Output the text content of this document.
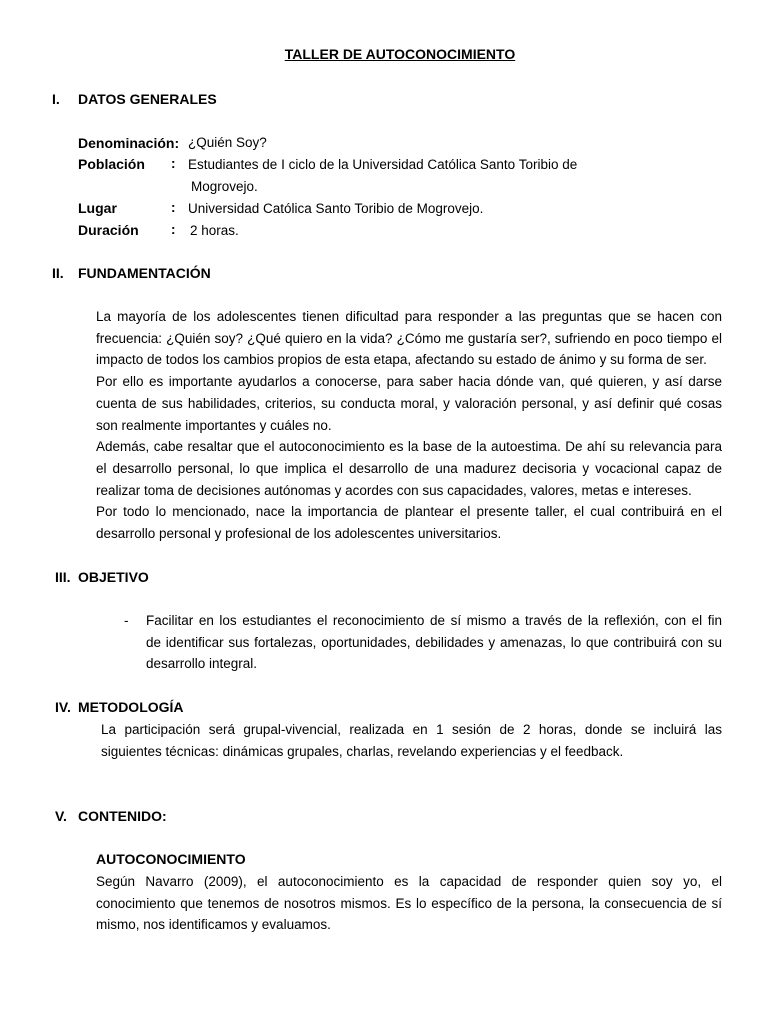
TALLER DE AUTOCONOCIMIENTO
I. DATOS GENERALES
Denominación: ¿Quién Soy?
Población : Estudiantes de I ciclo de la Universidad Católica Santo Toribio de
Mogrovejo.
Lugar	: Universidad Católica Santo Toribio de Mogrovejo.
Duración : 2 horas.
II. FUNDAMENTACIÓN
La mayoría de los adolescentes tienen dificultad para responder a las preguntas que se hacen con
frecuencia: ¿Quién soy? ¿Qué quiero en la vida? ¿Cómo me gustaría ser?, sufriendo en poco tiempo el
impacto de todos los cambios propios de esta etapa, afectando su estado de ánimo y su forma de ser.
Por ello es importante ayudarlos a conocerse, para saber hacia dónde van, qué quieren, y así darse
cuenta de sus habilidades, criterios, su conducta moral, y valoración personal, y así definir qué cosas
son realmente importantes y cuáles no.
Además, cabe resaltar que el autoconocimiento es la base de la autoestima. De ahí su relevancia para
el desarrollo personal, lo que implica el desarrollo de una madurez decisoria y vocacional capaz de
realizar toma de decisiones autónomas y acordes con sus capacidades, valores, metas e intereses.
Por todo lo mencionado, nace la importancia de plantear el presente taller, el cual contribuirá en el
desarrollo personal y profesional de los adolescentes universitarios.
III. OBJETIVO
- Facilitar en los estudiantes el reconocimiento de sí mismo a través de la reflexión, con el fin
de identificar sus fortalezas, oportunidades, debilidades y amenazas, lo que contribuirá con su
desarrollo integral.
IV. METODOLOGÍA
La participación será grupal-vivencial, realizada en 1 sesión de 2 horas, donde se incluirá las
siguientes técnicas: dinámicas grupales, charlas, revelando experiencias y el feedback.
V. CONTENIDO:
AUTOCONOCIMIENTO
Según Navarro (2009), el autoconocimiento es la capacidad de responder quien soy yo, el
conocimiento que tenemos de nosotros mismos. Es lo específico de la persona, la consecuencia de sí
mismo, nos identificamos y evaluamos.
